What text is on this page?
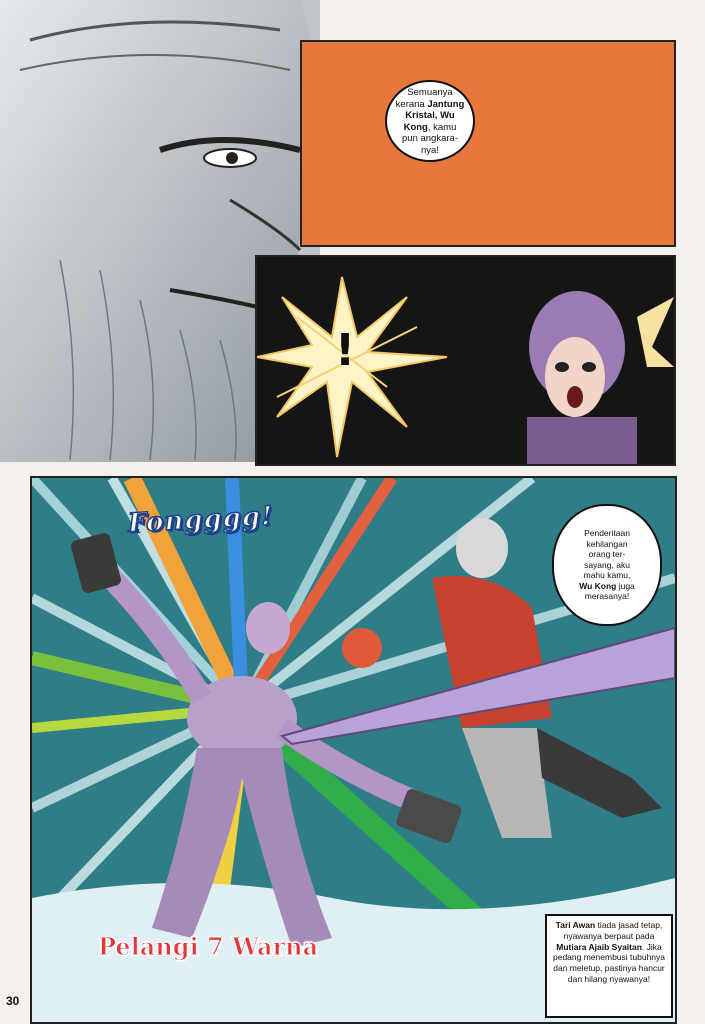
Semuanya

kerana Jantung

Kristal, Wu

Kong, kamu

pun angkara-

nya!

!
Fongggg!	Penderitaan

kehilangan

orang ter-

sayang, aku

mahu kamu,

Wu Kong juga

merasanya!

Pelangi 7 Warna

Tari Awan tiada jasad tetap,

nyawanya berpaut pada

Mutiara Ajaib Syaitan. Jika

pedang menembusi tubuhnya

dan meletup, pastinya hancur

dan hilang nyawanya!

30
